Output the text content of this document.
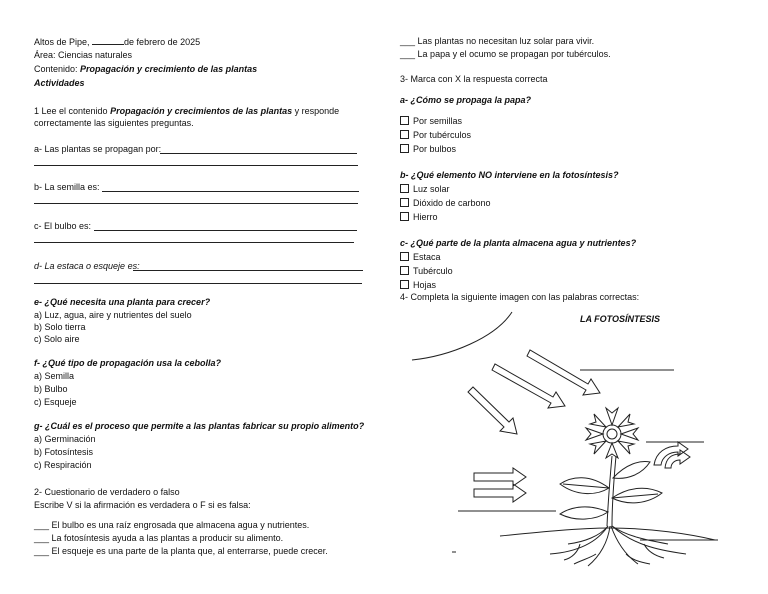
Altos de Pipe,	de febrero de 2025
Área: Ciencias naturales
Contenido: Propagación y crecimiento de las plantas
Actividades
1 Lee el contenido Propagación y crecimientos de las plantas y responde
correctamente las siguientes preguntas.
a- Las plantas se propagan por:
b- La semilla es:
c- El bulbo es:
d- La estaca o esqueje es:
e- ¿Qué necesita una planta para crecer?
a) Luz, agua, aire y nutrientes del suelo
b) Solo tierra
c) Solo aire
f- ¿Qué tipo de propagación usa la cebolla?
a) Semilla
b) Bulbo
c) Esqueje
g- ¿Cuál es el proceso que permite a las plantas fabricar su propio alimento?
a) Germinación
b) Fotosíntesis
c) Respiración
2- Cuestionario de verdadero o falso
Escribe V si la afirmación es verdadera o F si es falsa:
___ El bulbo es una raíz engrosada que almacena agua y nutrientes.
___ La fotosíntesis ayuda a las plantas a producir su alimento.
___ El esqueje es una parte de la planta que, al enterrarse, puede crecer.
___ Las plantas no necesitan luz solar para vivir.
___ La papa y el ocumo se propagan por tubérculos.
3- Marca con X la respuesta correcta
a- ¿Cómo se propaga la papa?
Por semillas
Por tubérculos
Por bulbos
b- ¿Qué elemento NO interviene en la fotosíntesis?
Luz solar
Dióxido de carbono
Hierro
c- ¿Qué parte de la planta almacena agua y nutrientes?
Estaca
Tubérculo
Hojas
4- Completa la siguiente imagen con las palabras correctas:
LA FOTOSÍNTESIS
